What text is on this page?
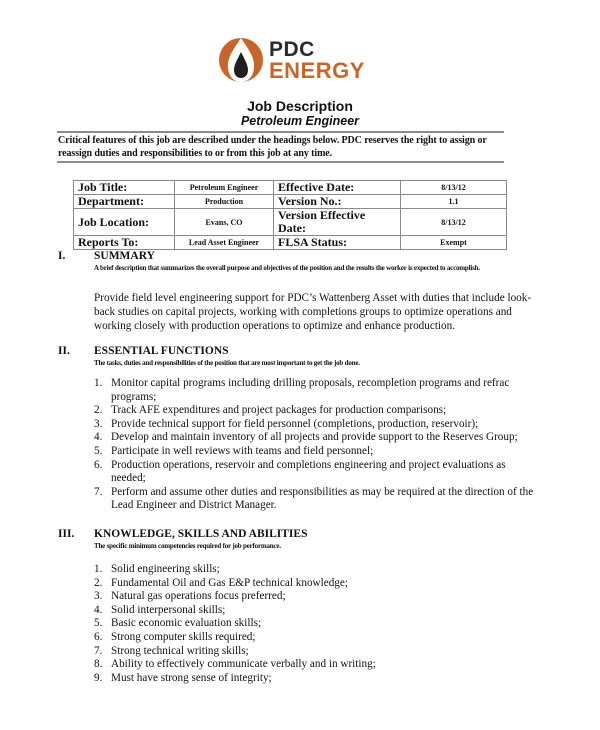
PDC
ENERGY
Job Description
Petroleum Engineer
Critical features of this job are described under the headings below. PDC reserves the right to assign or reassign duties and responsibilities to or from this job at any time.
Job Title:	Petroleum Engineer	Effective Date:	8/13/12
Department:	Production	Version No.:	1.1
Job Location:	Evans, CO	Version Effective Date:	8/13/12
Reports To:	Lead Asset Engineer	FLSA Status:	Exempt
I. SUMMARY
A brief description that summarizes the overall purpose and objectives of the position and the results the worker is expected to accomplish.
Provide field level engineering support for PDC’s Wattenberg Asset with duties that include look-back studies on capital projects, working with completions groups to optimize operations and working closely with production operations to optimize and enhance production.
II. ESSENTIAL FUNCTIONS
The tasks, duties and responsibilities of the position that are most important to get the job done.
1. Monitor capital programs including drilling proposals, recompletion programs and refrac programs;
2. Track AFE expenditures and project packages for production comparisons;
3. Provide technical support for field personnel (completions, production, reservoir);
4. Develop and maintain inventory of all projects and provide support to the Reserves Group;
5. Participate in well reviews with teams and field personnel;
6. Production operations, reservoir and completions engineering and project evaluations as needed;
7. Perform and assume other duties and responsibilities as may be required at the direction of the Lead Engineer and District Manager.
III. KNOWLEDGE, SKILLS AND ABILITIES
The specific minimum competencies required for job performance.
1. Solid engineering skills;
2. Fundamental Oil and Gas E&P technical knowledge;
3. Natural gas operations focus preferred;
4. Solid interpersonal skills;
5. Basic economic evaluation skills;
6. Strong computer skills required;
7. Strong technical writing skills;
8. Ability to effectively communicate verbally and in writing;
9. Must have strong sense of integrity;
